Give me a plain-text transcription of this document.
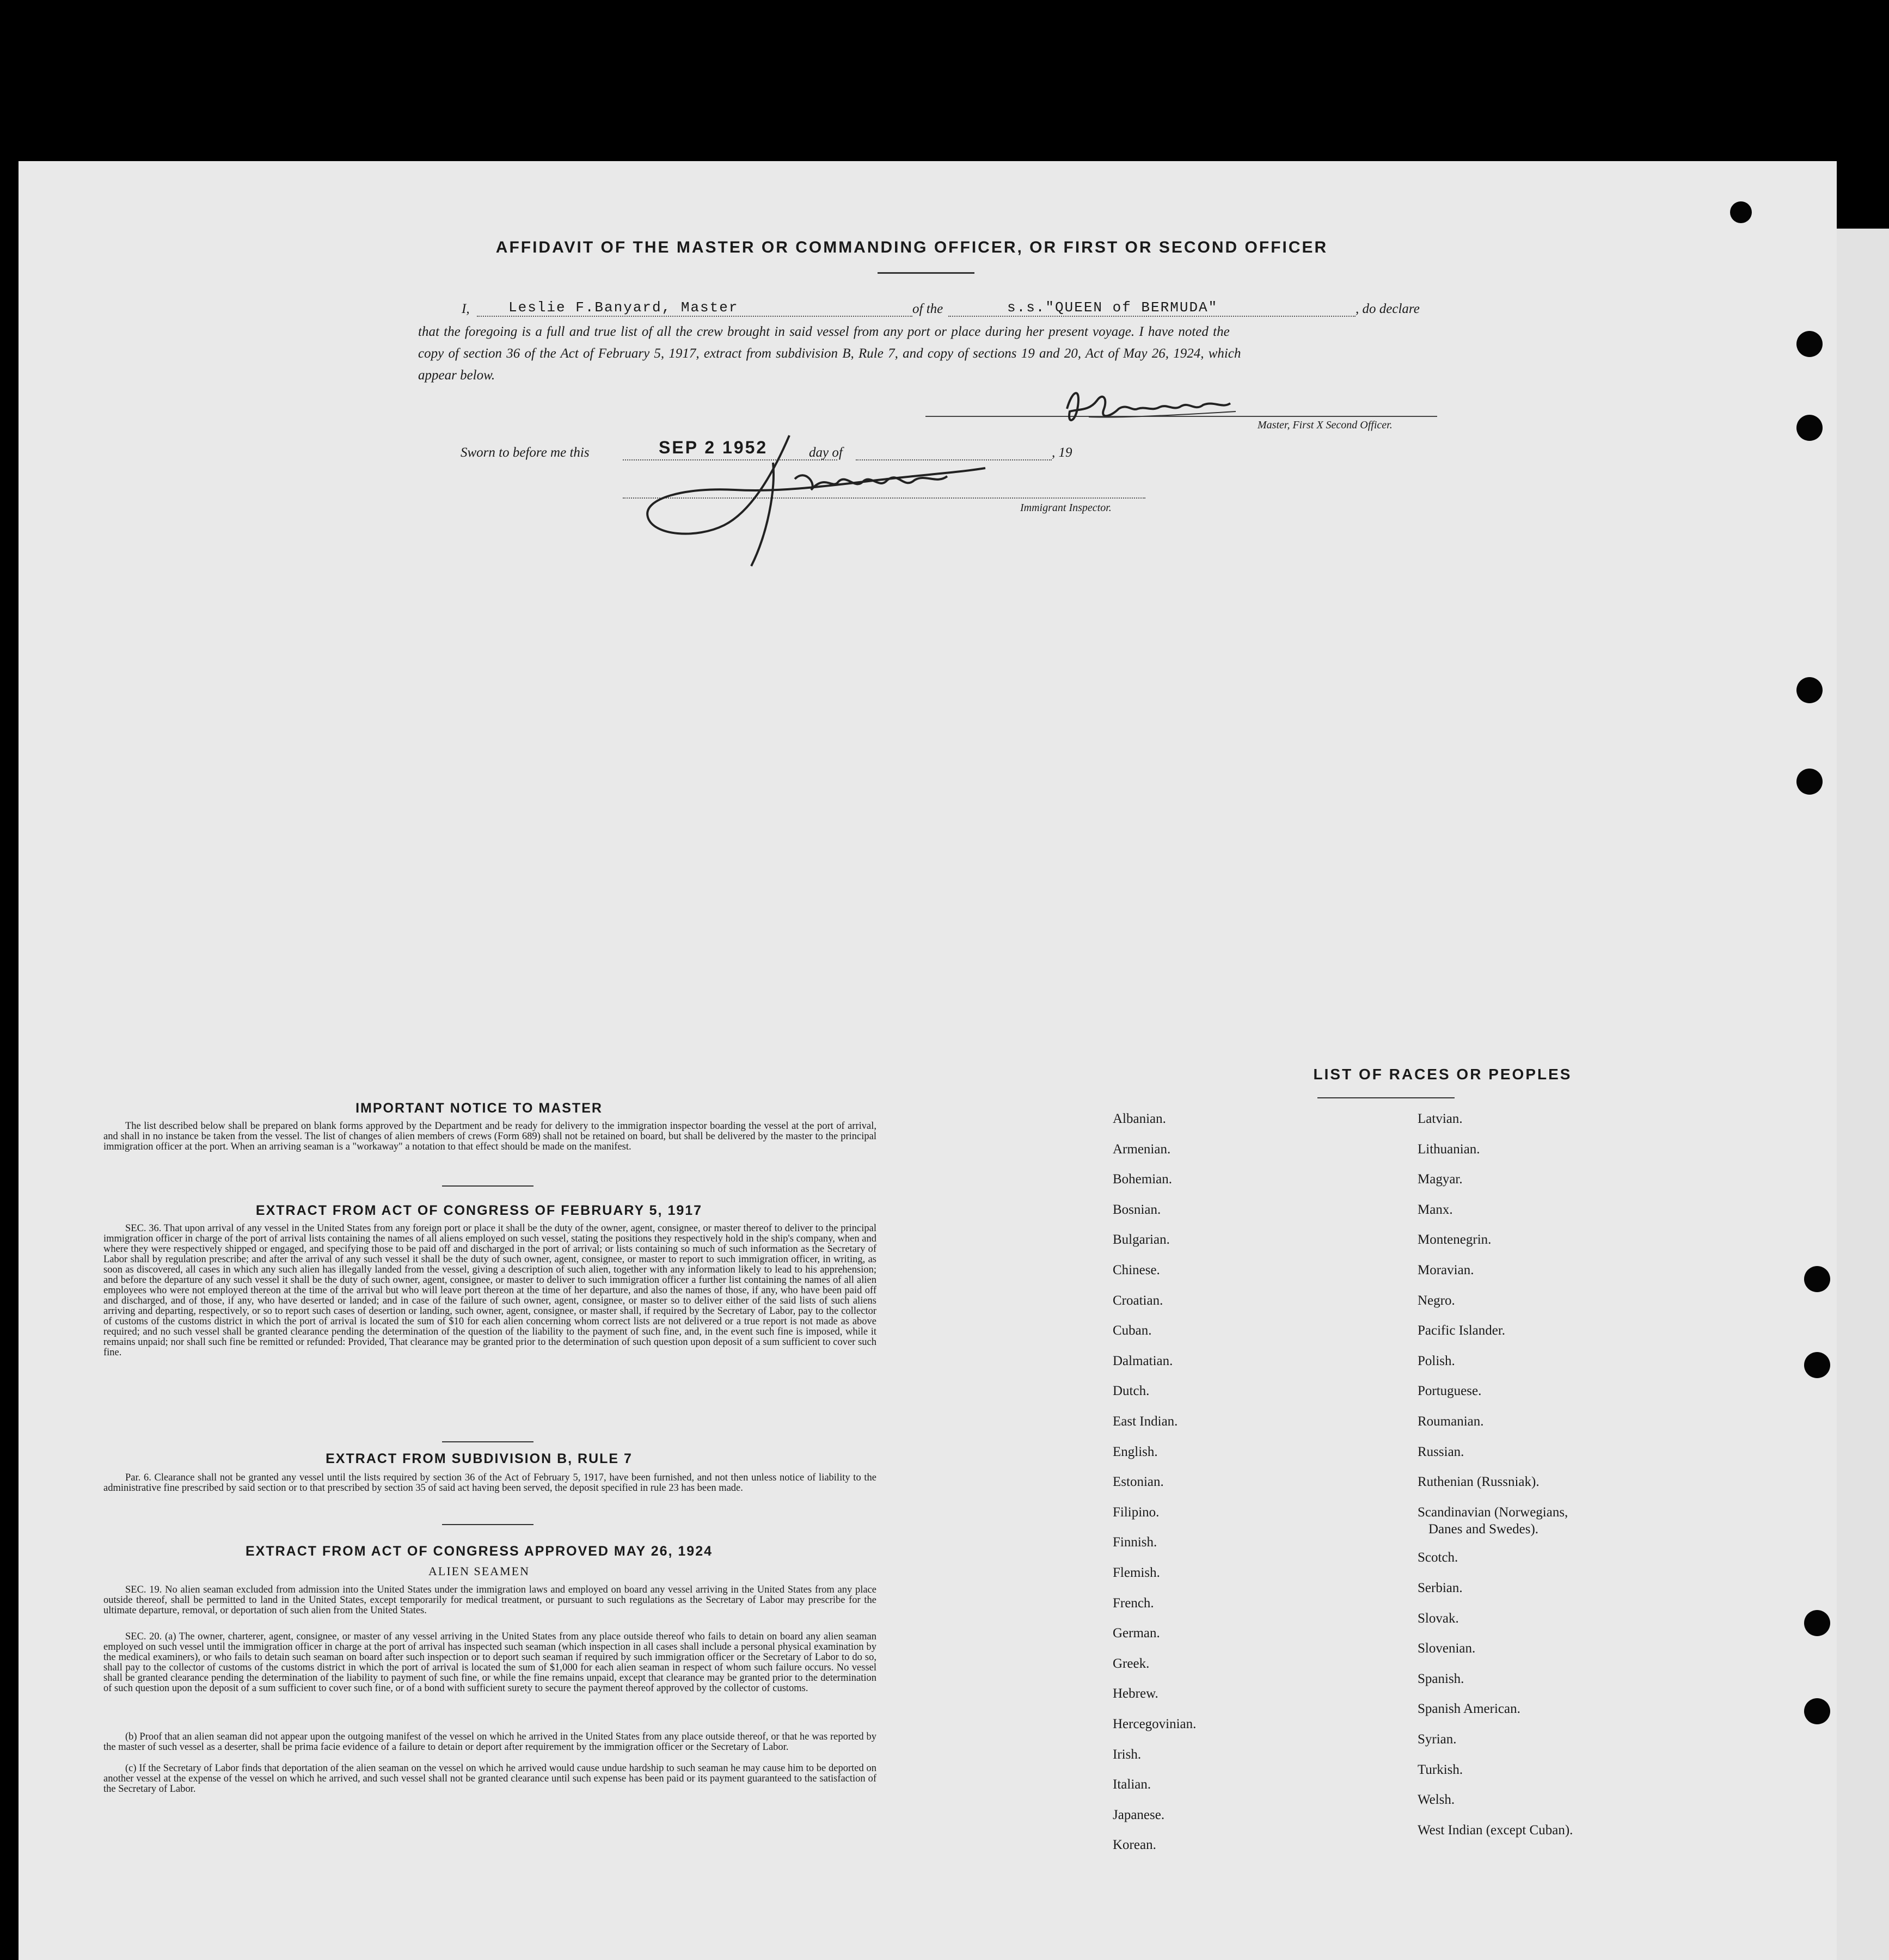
AFFIDAVIT OF THE MASTER OR COMMANDING OFFICER, OR FIRST OR SECOND OFFICER
I,	Leslie F.Banyard, Master	of the	s.s."QUEEN of BERMUDA"	, do declare
that the foregoing is a full and true list of all the crew brought in said vessel from any port or place during her present voyage. I have noted the
copy of section 36 of the Act of February 5, 1917, extract from subdivision B, Rule 7, and copy of sections 19 and 20, Act of May 26, 1924, which
appear below.
Master, First X Second Officer.
Sworn to before me this	SEP 2 1952	day of	, 19
Immigrant Inspector.
IMPORTANT NOTICE TO MASTER
The list described below shall be prepared on blank forms approved by the Department and be ready for delivery to the immigration inspector boarding the vessel at the port of arrival, and shall in no instance be taken from the vessel. The list of changes of alien members of crews (Form 689) shall not be retained on board, but shall be delivered by the master to the principal immigration officer at the port. When an arriving seaman is a "workaway" a notation to that effect should be made on the manifest.
EXTRACT FROM ACT OF CONGRESS OF FEBRUARY 5, 1917
SEC. 36. That upon arrival of any vessel in the United States from any foreign port or place it shall be the duty of the owner, agent, consignee, or master thereof to deliver to the principal immigration officer in charge of the port of arrival lists containing the names of all aliens employed on such vessel, stating the positions they respectively hold in the ship's company, when and where they were respectively shipped or engaged, and specifying those to be paid off and discharged in the port of arrival; or lists containing so much of such information as the Secretary of Labor shall by regulation prescribe; and after the arrival of any such vessel it shall be the duty of such owner, agent, consignee, or master to report to such immigration officer, in writing, as soon as discovered, all cases in which any such alien has illegally landed from the vessel, giving a description of such alien, together with any information likely to lead to his apprehension; and before the departure of any such vessel it shall be the duty of such owner, agent, consignee, or master to deliver to such immigration officer a further list containing the names of all alien employees who were not employed thereon at the time of the arrival but who will leave port thereon at the time of her departure, and also the names of those, if any, who have been paid off and discharged, and of those, if any, who have deserted or landed; and in case of the failure of such owner, agent, consignee, or master so to deliver either of the said lists of such aliens arriving and departing, respectively, or so to report such cases of desertion or landing, such owner, agent, consignee, or master shall, if required by the Secretary of Labor, pay to the collector of customs of the customs district in which the port of arrival is located the sum of $10 for each alien concerning whom correct lists are not delivered or a true report is not made as above required; and no such vessel shall be granted clearance pending the determination of the question of the liability to the payment of such fine, and, in the event such fine is imposed, while it remains unpaid; nor shall such fine be remitted or refunded: Provided, That clearance may be granted prior to the determination of such question upon deposit of a sum sufficient to cover such fine.
EXTRACT FROM SUBDIVISION B, RULE 7
Par. 6. Clearance shall not be granted any vessel until the lists required by section 36 of the Act of February 5, 1917, have been furnished, and not then unless notice of liability to the administrative fine prescribed by said section or to that prescribed by section 35 of said act having been served, the deposit specified in rule 23 has been made.
EXTRACT FROM ACT OF CONGRESS APPROVED MAY 26, 1924
ALIEN SEAMEN
SEC. 19. No alien seaman excluded from admission into the United States under the immigration laws and employed on board any vessel arriving in the United States from any place outside thereof, shall be permitted to land in the United States, except temporarily for medical treatment, or pursuant to such regulations as the Secretary of Labor may prescribe for the ultimate departure, removal, or deportation of such alien from the United States.
SEC. 20. (a) The owner, charterer, agent, consignee, or master of any vessel arriving in the United States from any place outside thereof who fails to detain on board any alien seaman employed on such vessel until the immigration officer in charge at the port of arrival has inspected such seaman (which inspection in all cases shall include a personal physical examination by the medical examiners), or who fails to detain such seaman on board after such inspection or to deport such seaman if required by such immigration officer or the Secretary of Labor to do so, shall pay to the collector of customs of the customs district in which the port of arrival is located the sum of $1,000 for each alien seaman in respect of whom such failure occurs. No vessel shall be granted clearance pending the determination of the liability to payment of such fine, or while the fine remains unpaid, except that clearance may be granted prior to the determination of such question upon the deposit of a sum sufficient to cover such fine, or of a bond with sufficient surety to secure the payment thereof approved by the collector of customs.
(b) Proof that an alien seaman did not appear upon the outgoing manifest of the vessel on which he arrived in the United States from any place outside thereof, or that he was reported by the master of such vessel as a deserter, shall be prima facie evidence of a failure to detain or deport after requirement by the immigration officer or the Secretary of Labor.
(c) If the Secretary of Labor finds that deportation of the alien seaman on the vessel on which he arrived would cause undue hardship to such seaman he may cause him to be deported on another vessel at the expense of the vessel on which he arrived, and such vessel shall not be granted clearance until such expense has been paid or its payment guaranteed to the satisfaction of the Secretary of Labor.
LIST OF RACES OR PEOPLES
Albanian.
Armenian.
Bohemian.
Bosnian.
Bulgarian.
Chinese.
Croatian.
Cuban.
Dalmatian.
Dutch.
East Indian.
English.
Estonian.
Filipino.
Finnish.
Flemish.
French.
German.
Greek.
Hebrew.
Hercegovinian.
Irish.
Italian.
Japanese.
Korean.
Latvian.
Lithuanian.
Magyar.
Manx.
Montenegrin.
Moravian.
Negro.
Pacific Islander.
Polish.
Portuguese.
Roumanian.
Russian.
Ruthenian (Russniak).
Scandinavian (Norwegians,
Scotch.
Serbian.
Slovak.
Slovenian.
Spanish.
Spanish American.
Syrian.
Turkish.
Welsh.
West Indian (except Cuban).
Danes and Swedes).
